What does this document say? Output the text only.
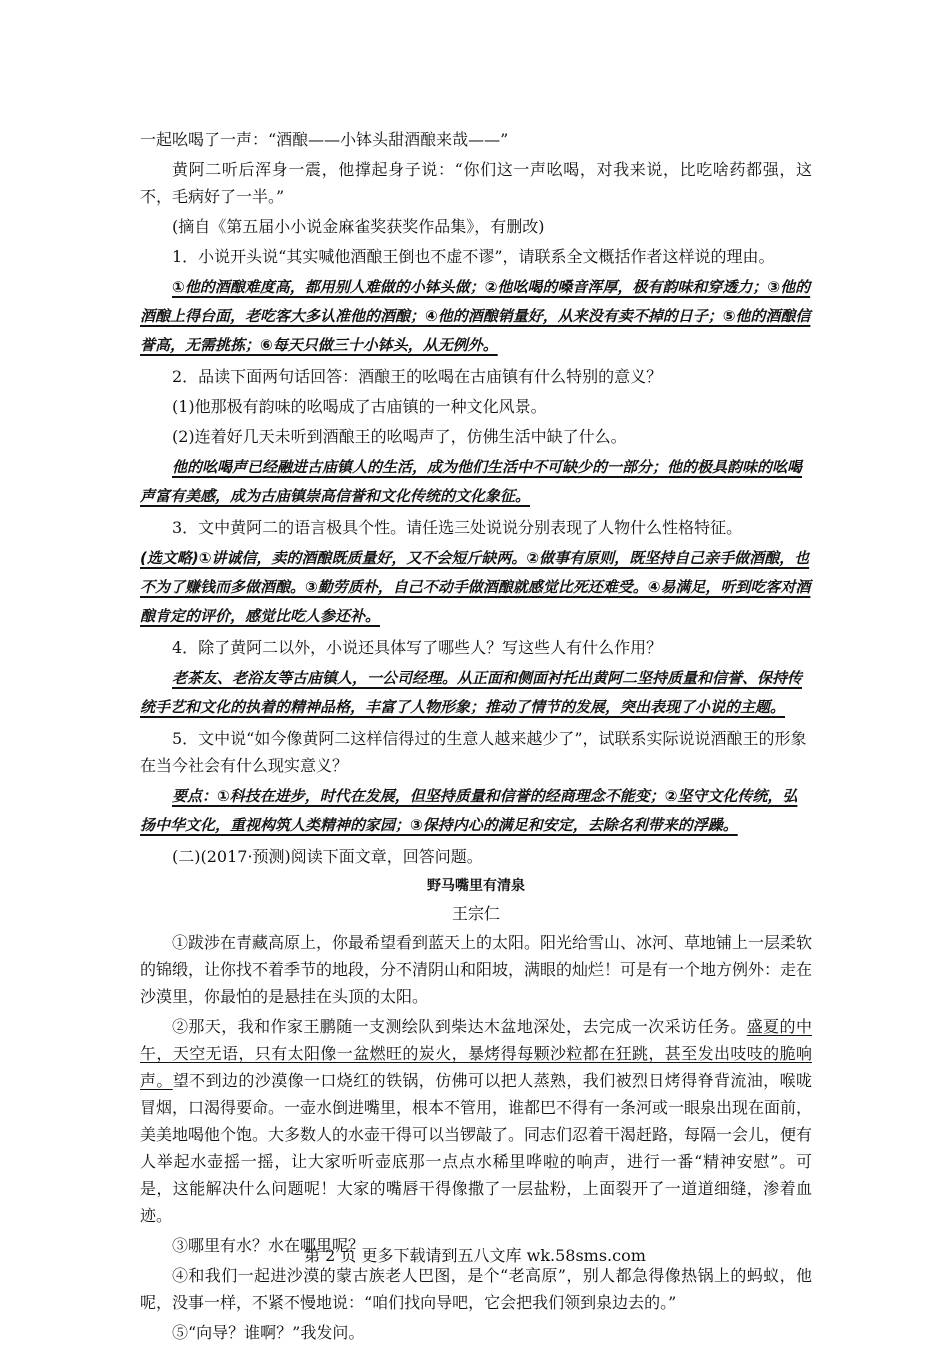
一起吆喝了一声：“酒酿——小钵头甜酒酿来哉——”

黄阿二听后浑身一震，他撑起身子说：“你们这一声吆喝，对我来说，比吃啥药都强，这不，毛病好了一半。”

(摘自《第五届小小说金麻雀奖获奖作品集》，有删改)

1．小说开头说“其实喊他酒酿王倒也不虚不谬”，请联系全文概括作者这样说的理由。

①他的酒酿难度高，都用别人难做的小钵头做；②他吆喝的嗓音浑厚，极有韵味和穿透力；③他的酒酿上得台面，老吃客大多认准他的酒酿；④他的酒酿销量好，从来没有卖不掉的日子；⑤他的酒酿信誉高，无需挑拣；⑥每天只做三十小钵头，从无例外。

2．品读下面两句话回答：酒酿王的吆喝在古庙镇有什么特别的意义？

(1)他那极有韵味的吆喝成了古庙镇的一种文化风景。

(2)连着好几天未听到酒酿王的吆喝声了，仿佛生活中缺了什么。

他的吆喝声已经融进古庙镇人的生活，成为他们生活中不可缺少的一部分；他的极具韵味的吆喝声富有美感，成为古庙镇崇高信誉和文化传统的文化象征。

3．文中黄阿二的语言极具个性。请任选三处说说分别表现了人物什么性格特征。

(选文略)①讲诚信，卖的酒酿既质量好，又不会短斤缺两。②做事有原则，既坚持自己亲手做酒酿，也不为了赚钱而多做酒酿。③勤劳质朴，自己不动手做酒酿就感觉比死还难受。④易满足，听到吃客对酒酿肯定的评价，感觉比吃人参还补。

4．除了黄阿二以外，小说还具体写了哪些人？写这些人有什么作用？

老茶友、老浴友等古庙镇人，一公司经理。从正面和侧面衬托出黄阿二坚持质量和信誉、保持传统手艺和文化的执着的精神品格，丰富了人物形象；推动了情节的发展，突出表现了小说的主题。

5．文中说“如今像黄阿二这样信得过的生意人越来越少了”，试联系实际说说酒酿王的形象在当今社会有什么现实意义？

要点：①科技在进步，时代在发展，但坚持质量和信誉的经商理念不能变；②坚守文化传统，弘扬中华文化，重视构筑人类精神的家园；③保持内心的满足和安定，去除名利带来的浮躁。

(二)(2017·预测)阅读下面文章，回答问题。

野马嘴里有清泉

王宗仁

①跋涉在青藏高原上，你最希望看到蓝天上的太阳。阳光给雪山、冰河、草地铺上一层柔软的锦缎，让你找不着季节的地段，分不清阴山和阳坡，满眼的灿烂！可是有一个地方例外：走在沙漠里，你最怕的是悬挂在头顶的太阳。

②那天，我和作家王鹏随一支测绘队到柴达木盆地深处，去完成一次采访任务。盛夏的中午，天空无语，只有太阳像一盆燃旺的炭火，暴烤得每颗沙粒都在狂跳，甚至发出吱吱的脆响声。望不到边的沙漠像一口烧红的铁锅，仿佛可以把人蒸熟，我们被烈日烤得脊背流油，喉咙冒烟，口渴得要命。一壶水倒进嘴里，根本不管用，谁都巴不得有一条河或一眼泉出现在面前，美美地喝他个饱。大多数人的水壶干得可以当锣敲了。同志们忍着干渴赶路，每隔一会儿，便有人举起水壶摇一摇，让大家听听壶底那一点点水稀里哗啦的响声，进行一番“精神安慰”。可是，这能解决什么问题呢！大家的嘴唇干得像撒了一层盐粉，上面裂开了一道道细缝，渗着血迹。

③哪里有水？水在哪里呢？

④和我们一起进沙漠的蒙古族老人巴图，是个“老高原”，别人都急得像热锅上的蚂蚁，他呢，没事一样，不紧不慢地说：“咱们找向导吧，它会把我们领到泉边去的。”

⑤“向导？谁啊？”我发问。

第 2 页 更多下载请到五八文库 wk.58sms.com
